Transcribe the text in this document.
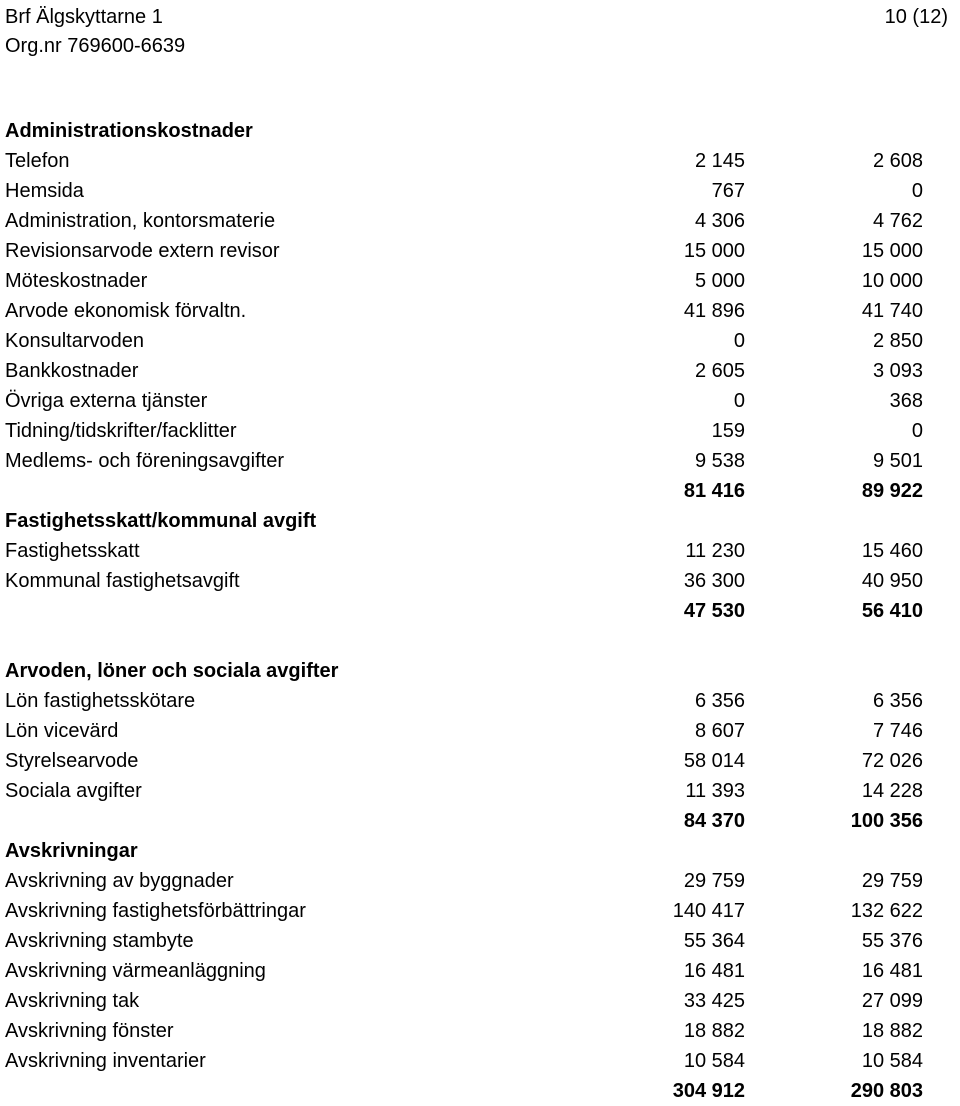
Brf Älgskyttarne 1
Org.nr 769600-6639
10 (12)
Administrationskostnader
Telefon	2 145	2 608
Hemsida	767	0
Administration, kontorsmaterie	4 306	4 762
Revisionsarvode extern revisor	15 000	15 000
Möteskostnader	5 000	10 000
Arvode ekonomisk förvaltn.	41 896	41 740
Konsultarvoden	0	2 850
Bankkostnader	2 605	3 093
Övriga externa tjänster	0	368
Tidning/tidskrifter/facklitter	159	0
Medlems- och föreningsavgifter	9 538	9 501
81 416	89 922
Fastighetsskatt/kommunal avgift
Fastighetsskatt	11 230	15 460
Kommunal fastighetsavgift	36 300	40 950
47 530	56 410
Arvoden, löner och sociala avgifter
Lön fastighetsskötare	6 356	6 356
Lön vicevärd	8 607	7 746
Styrelsearvode	58 014	72 026
Sociala avgifter	11 393	14 228
84 370	100 356
Avskrivningar
Avskrivning av byggnader	29 759	29 759
Avskrivning fastighetsförbättringar	140 417	132 622
Avskrivning stambyte	55 364	55 376
Avskrivning värmeanläggning	16 481	16 481
Avskrivning tak	33 425	27 099
Avskrivning fönster	18 882	18 882
Avskrivning inventarier	10 584	10 584
304 912	290 803
